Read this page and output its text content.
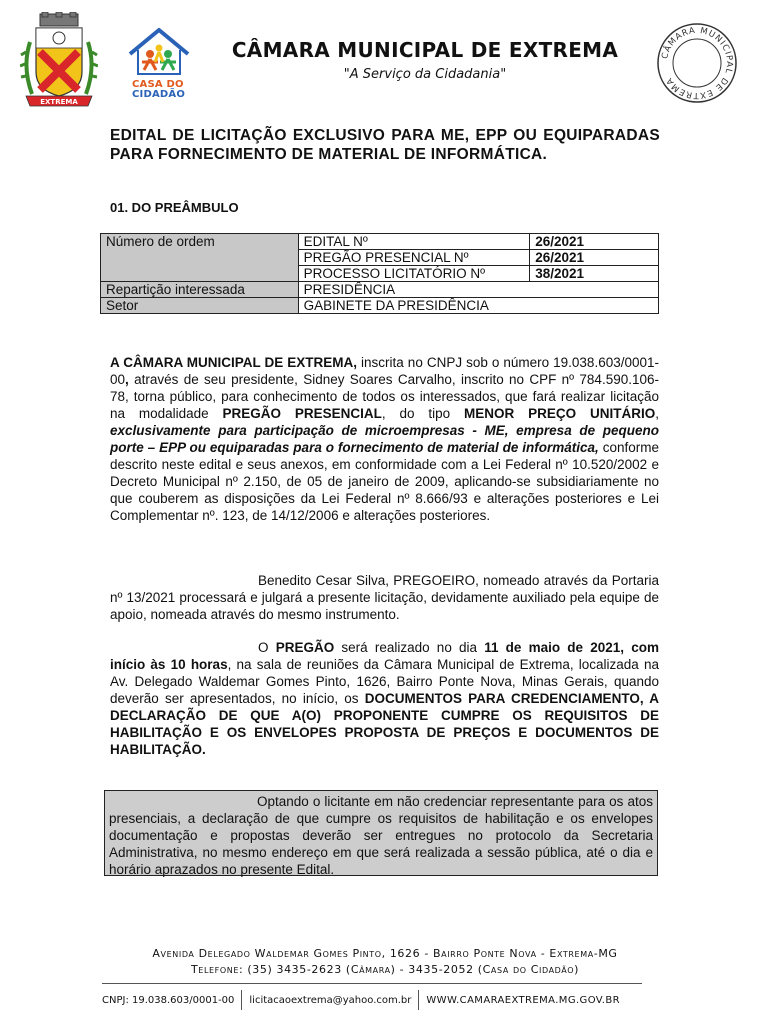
EXTREMA
CASA DO
CIDADÃO
CÂMARA MUNICIPAL DE EXTREMA
"A Serviço da Cidadania"
CÂMARA MUNICIPAL DE EXTREMA
EDITAL DE LICITAÇÃO EXCLUSIVO PARA ME, EPP OU EQUIPARADAS PARA FORNECIMENTO DE MATERIAL DE INFORMÁTICA.
01. DO PREÂMBULO
Número de ordem	EDITAL Nº	26/2021
	PREGÃO PRESENCIAL Nº	26/2021
	PROCESSO LICITATÓRIO Nº	38/2021
Repartição interessada	PRESIDÊNCIA	
Setor	GABINETE DA PRESIDÊNCIA	
A CÂMARA MUNICIPAL DE EXTREMA, inscrita no CNPJ sob o número 19.038.603/0001-00, através de seu presidente, Sidney Soares Carvalho, inscrito no CPF nº 784.590.106-78, torna público, para conhecimento de todos os interessados, que fará realizar licitação na modalidade PREGÃO PRESENCIAL, do tipo MENOR PREÇO UNITÁRIO, exclusivamente para participação de microempresas - ME, empresa de pequeno porte – EPP ou equiparadas para o fornecimento de material de informática, conforme descrito neste edital e seus anexos, em conformidade com a Lei Federal nº 10.520/2002 e Decreto Municipal nº 2.150, de 05 de janeiro de 2009, aplicando-se subsidiariamente no que couberem as disposições da Lei Federal nº 8.666/93 e alterações posteriores e Lei Complementar nº. 123, de 14/12/2006 e alterações posteriores.
Benedito Cesar Silva, PREGOEIRO, nomeado através da Portaria nº 13/2021 processará e julgará a presente licitação, devidamente auxiliado pela equipe de apoio, nomeada através do mesmo instrumento.
O PREGÃO será realizado no dia 11 de maio de 2021, com início às 10 horas, na sala de reuniões da Câmara Municipal de Extrema, localizada na Av. Delegado Waldemar Gomes Pinto, 1626, Bairro Ponte Nova, Minas Gerais, quando deverão ser apresentados, no início, os DOCUMENTOS PARA CREDENCIAMENTO, A DECLARAÇÃO DE QUE A(O) PROPONENTE CUMPRE OS REQUISITOS DE HABILITAÇÃO E OS ENVELOPES PROPOSTA DE PREÇOS E DOCUMENTOS DE HABILITAÇÃO.
Optando o licitante em não credenciar representante para os atos presenciais, a declaração de que cumpre os requisitos de habilitação e os envelopes documentação e propostas deverão ser entregues no protocolo da Secretaria Administrativa, no mesmo endereço em que será realizada a sessão pública, até o dia e horário aprazados no presente Edital.
Avenida Delegado Waldemar Gomes Pinto, 1626 - Bairro Ponte Nova - Extrema-MG
Telefone: (35) 3435-2623 (Câmara) - 3435-2052 (Casa do Cidadão)
CNPJ: 19.038.603/0001-00 licitacaoextrema@yahoo.com.br WWW.CAMARAEXTREMA.MG.GOV.BR
